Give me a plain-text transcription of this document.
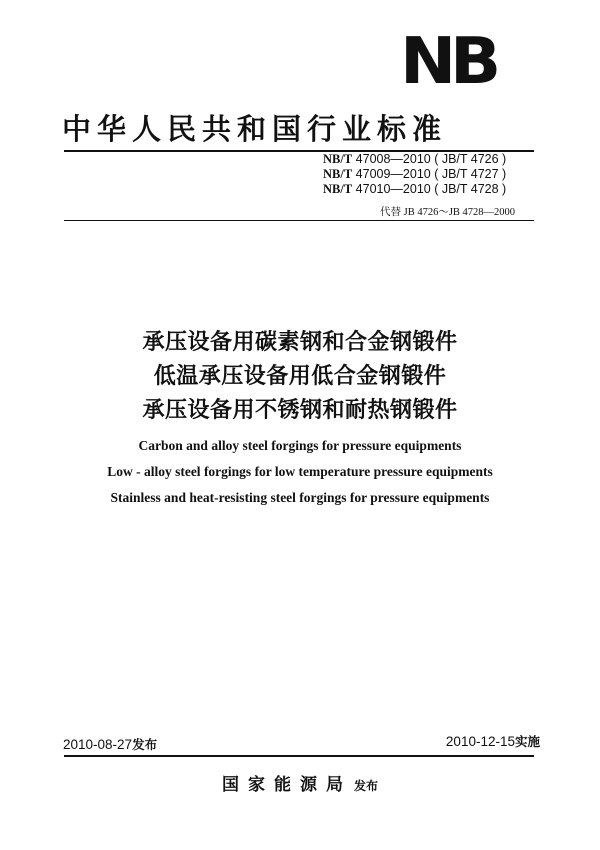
NB
中华人民共和国行业标准
NB/T 47008—2010 ( JB/T 4726 )
NB/T 47009—2010 ( JB/T 4727 )
NB/T 47010—2010 ( JB/T 4728 )
代替 JB 4726～JB 4728—2000
承压设备用碳素钢和合金钢锻件
低温承压设备用低合金钢锻件
承压设备用不锈钢和耐热钢锻件
Carbon and alloy steel forgings for pressure equipments
Low - alloy steel forgings for low temperature pressure equipments
Stainless and heat-resisting steel forgings for pressure equipments
2010-08-27发布	2010-12-15实施
国家能源局 发布
